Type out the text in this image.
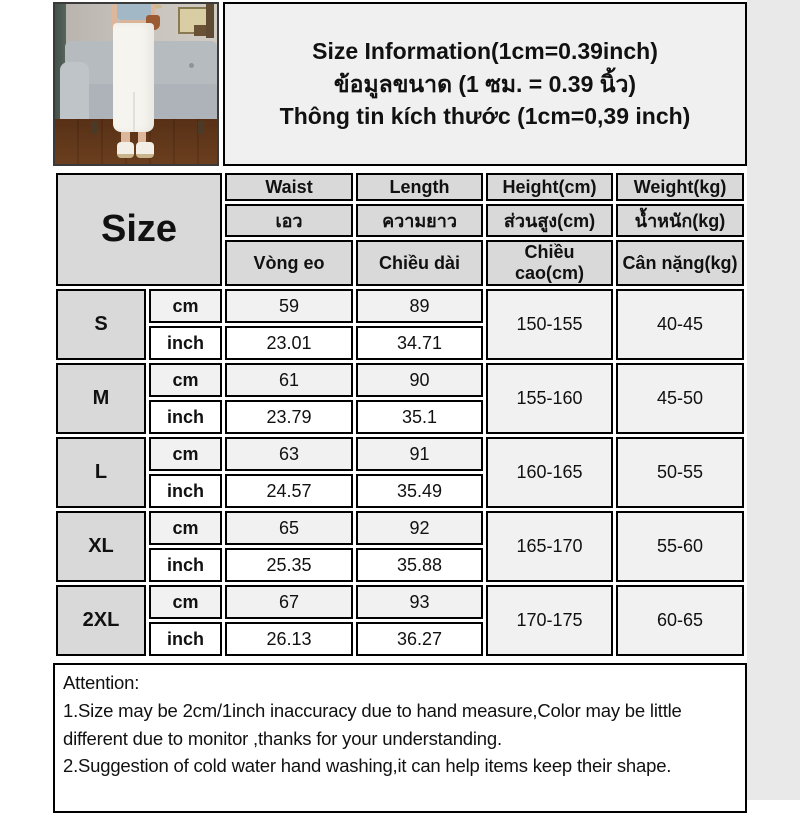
Size Information(1cm=0.39inch)
ข้อมูลขนาด (1 ซม. = 0.39 นิ้ว)
Thông tin kích thước (1cm=0,39 inch)
Size		Waist	Length	Height(cm)	Weight(kg)
		เอว	ความยาว	ส่วนสูง(cm)	น้ำหนัก(kg)
		Vòng eo	Chiều dài	Chiều cao(cm)	Cân nặng(kg)
S	cm	59	89	150-155	40-45
	inch	23.01	34.71		
M	cm	61	90	155-160	45-50
	inch	23.79	35.1		
L	cm	63	91	160-165	50-55
	inch	24.57	35.49		
XL	cm	65	92	165-170	55-60
	inch	25.35	35.88		
2XL	cm	67	93	170-175	60-65
	inch	26.13	36.27		
Attention:
1.Size may be 2cm/1inch inaccuracy due to hand measure,Color may be little different due to monitor ,thanks for your understanding.
2.Suggestion of cold water hand washing,it can help items keep their shape.
